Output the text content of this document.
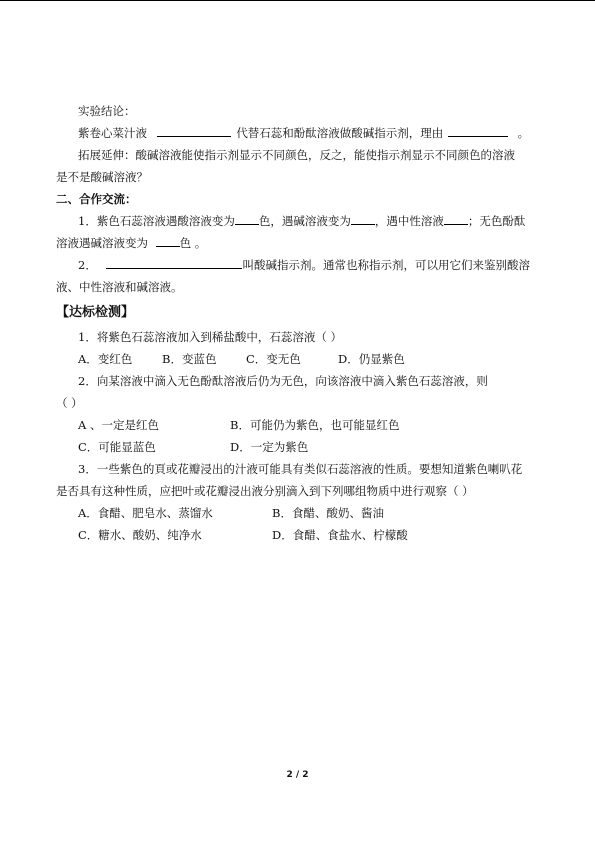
实验结论：

紫卷心菜汁液	代替石蕊和酚酞溶液做酸碱指示剂，理由	。

拓展延伸：酸碱溶液能使指示剂显示不同颜色，反之，能使指示剂显示不同颜色的溶液

是不是酸碱溶液？

二、合作交流：

1．紫色石蕊溶液遇酸溶液变为 色，遇碱溶液变为 ，遇中性溶液 ；无色酚酞

溶液遇碱溶液变为	色 。

2．	叫酸碱指示剂。通常也称指示剂，可以用它们来鉴别酸溶

液、中性溶液和碱溶液。

【达标检测】

1．将紫色石蕊溶液加入到稀盐酸中，石蕊溶液（ ）

A．变红色	B．变蓝色	C．变无色	D．仍显紫色

2．向某溶液中滴入无色酚酞溶液后仍为无色，向该溶液中滴入紫色石蕊溶液，则

（ ）

A 、一定是红色	B．可能仍为紫色，也可能显红色
C．可能显蓝色	D．一定为紫色

3．一些紫色的頁或花瓣浸出的汁液可能具有类似石蕊溶液的性质。要想知道紫色喇叭花

是否具有这种性质，应把叶或花瓣浸出液分别滴入到下列哪组物质中进行观察（ ）

A．食醋、肥皂水、蒸馏水	B．食醋、酸奶、酱油
C．糖水、酸奶、纯净水	D．食醋、食盐水、柠檬酸
2 / 2
